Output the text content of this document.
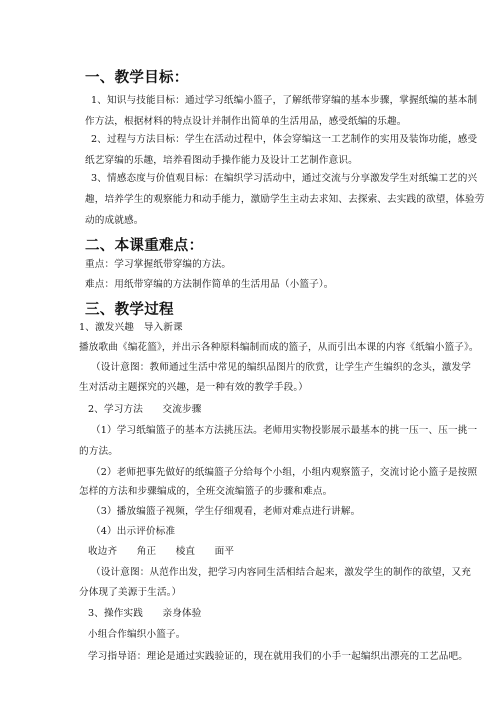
一、教学目标：
1、知识与技能目标：通过学习纸编小篮子，了解纸带穿编的基本步骤，掌握纸编的基本制
作方法，根据材料的特点设计并制作出简单的生活用品，感受纸编的乐趣。
2、过程与方法目标：学生在活动过程中，体会穿编这一工艺制作的实用及装饰功能，感受
纸艺穿编的乐趣，培养看图动手操作能力及设计工艺制作意识。
3、情感态度与价值观目标：在编织学习活动中，通过交流与分享激发学生对纸编工艺的兴
趣，培养学生的观察能力和动手能力，激励学生主动去求知、去探索、去实践的欲望，体验劳
动的成就感。
二、本课重难点：
重点：学习掌握纸带穿编的方法。
难点：用纸带穿编的方法制作简单的生活用品（小篮子）。
三、教学过程
1、激发兴趣　导入新课
播放歌曲《编花篮》，并出示各种原料编制而成的篮子，从而引出本课的内容《纸编小篮子》。
（设计意图：教师通过生活中常见的编织品图片的欣赏，让学生产生编织的念头，激发学
生对活动主题探究的兴趣，是一种有效的教学手段。）
2、学习方法　　交流步骤
（1）学习纸编篮子的基本方法挑压法。老师用实物投影展示最基本的挑一压一、压一挑一
的方法。
（2）老师把事先做好的纸编篮子分给每个小组，小组内观察篮子，交流讨论小篮子是按照
怎样的方法和步骤编成的，全班交流编篮子的步骤和难点。
（3）播放编篮子视频，学生仔细观看，老师对难点进行讲解。
（4）出示评价标准
收边齐　　角正　　棱直　　面平
（设计意图：从范作出发，把学习内容同生活相结合起来，激发学生的制作的欲望，又充
分体现了美源于生活。）
3、操作实践　　亲身体验
小组合作编织小篮子。
学习指导语：理论是通过实践验证的，现在就用我们的小手一起编织出漂亮的工艺品吧。
